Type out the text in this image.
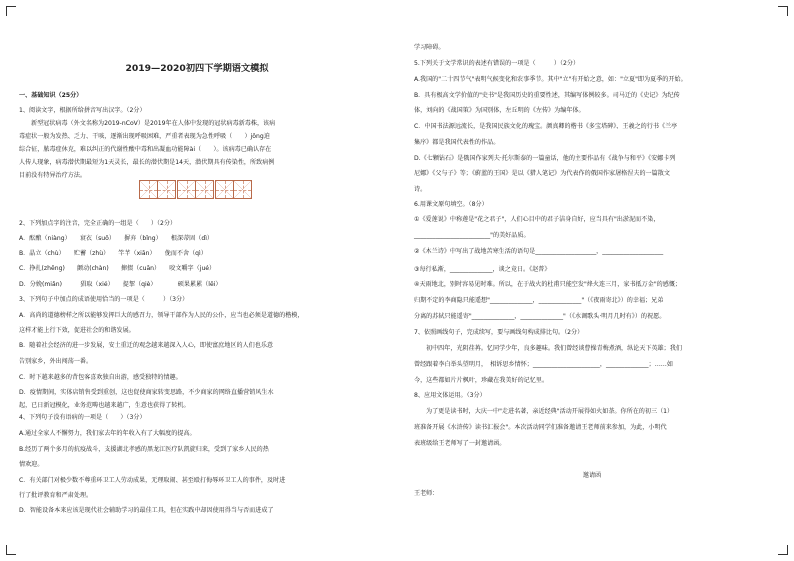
2019—2020初四下学期语文模拟
一、基础知识（25分）
1、阅读文字，根据所给拼音写出汉字。（2分）
新型冠状病毒（外文名称为2019-nCoV）是2019年在人体中发现的冠状病毒新毒株，该病
毒症状一般为发热、乏力、干咳，逐渐出现呼吸困难，严重者表现为急性呼吸（　　）jǒng迫
综合征，脓毒症休克，难以纠正的代谢性酸中毒和出凝血功能障ài（　　）。该病毒已确认存在
人传人现象，病毒潜伏期最短为1天灵长，最长的潜伏期是14天，潜伏期具有传染性，所致病例
目前没有特异治疗方法。
2、下列加点字的注音，完全正确的一组是（　　）（2分）
A．酝酿（niàng）　　衰衣（suō）　　摒弃（bǐng）　　根深蒂固（dì）
B．晶立（chù）　　贮蓄（zhù）　　竿芊（xiān）　　俛而不舍（qì）
C．挣扎(zhēng)　　颤动(chàn)　　撺掇（cuān）　　咬文嚼字（jué）
D．分娩(miǎn)　　　猖取（xié）　　提挈（qiè）　　　　硕果累累（lěi）
3、下列句子中加点的成语使用恰当的一项是（　　　）（3分）
A．高尚的道德榜样之所以能够发挥巨大的感召力，领导干部作为人民的公仆，应当也必须是道德的楷模，
这样才能上行下效，促进社会的和谐发展。
B．随着社会经济的进一步发展，安土重迁的观念越来越深入人心，即使富庶地区的人们也乐意
告别家乡，外出闯荡一番。
C．时下越来越多的背包客喜欢独自出游，感受独特的情趣。
D．疫情期间，实体店销售受到重创，这也促使商家转变思路，不少商家的网络直播营销风生水
起，已日新冠模化，业务范畴也越来越广，生意也获得了转机。
4、下列句子没有语病的一项是（　　）（3分）
A.通过全家人不懈努力，我们家去年的年收入有了大幅度的提高。
B.经历了两个多月的抗疫战斗，支援湖北孝感的黑龙江医疗队凯旋归来，受到了家乡人民的热
情欢迎。
C．有关部门对极少数不尊重环卫工人劳动成果，无理取闹、甚至殴打侮辱环卫工人的事件，及时进
行了批评教育和严肃处理。
D．智能设备本来应该是现代社会辅助学习的最佳工具，但在实践中却因使用得当与否而进成了
学习障碍。
5.下列关于文学常识的表述有错误的一项是（　　　）（2分）
A.我国的"二十四节气"表明气候变化和农事季节。其中"立"有开始之意，如："立夏"即为夏季的开始。
B．具有极高文学价值的"史书"是我国历史的重要性述，其编写体例较多。司马迁的《史记》为纪传
体，刘向的《战国策》为国别体，左丘明的《左传》为编年体。
C．中国书法源远流长，是我国民族文化的瑰宝。颜真卿的楷书《多宝塔碑》、王羲之的行书《兰亭
集序》都是我国代表性的作品。
D.《七颗钻石》是俄国作家列夫·托尔斯泰的一篇童话，他的主要作品有《战争与和平》《安娜卡列
尼娜》《父与子》等；《蔚蓝的王国》是以《猎人笔记》为代表作的俄国作家屠格涅夫的一篇散文
诗。
6.用课文原句填空。（8分）
①《爱莲说》中称莲是"花之君子"，人们心目中的君子洁身自好，应当具有"出淤泥而不染，
_________________________"的美好品质。
②《木兰诗》中写出了战地苦寒生活的语句是____________________，____________________
③每行私渐，______________，谈之竟日。《赵普》
④天雨地北，别时容易见时难。所以，在于战火的杜甫只能空发"烽火连三月，家书抵万金"的感慨；
归期不定的李商隐只能遥想"______________，______________"（《夜雨寄北》）的幸福；兄弟
分离的苏轼只能遥寄"______________，______________"（《水调歌头·明月几时有》）的祝愿。
7、依照画线句子，完成续写，要与画线句构成排比句。（2分）
初中四年，光阴荏苒。忆同学少年，良多趣味。我们曾经谈曹操青梅煮酒，纵论天下英雄；我们
曾经跟着李白举头望明月，　相诉思乡情怀；______________________，______________；……如
今，这些都如片片枫叶，珍藏在我美好的记忆里。
8、应用文体运用。（3分）
为了更是读书时，大庆一中"走进名著，亲近经典"活动开展得如火如荼。你所在的初三（1）
班准备开展《水浒传》读书汇报会"。本次活动同学们准备邀请王老师前来参加，为此，小明代
表班级给王老师写了一封邀请函。
邀请函
王老师：
